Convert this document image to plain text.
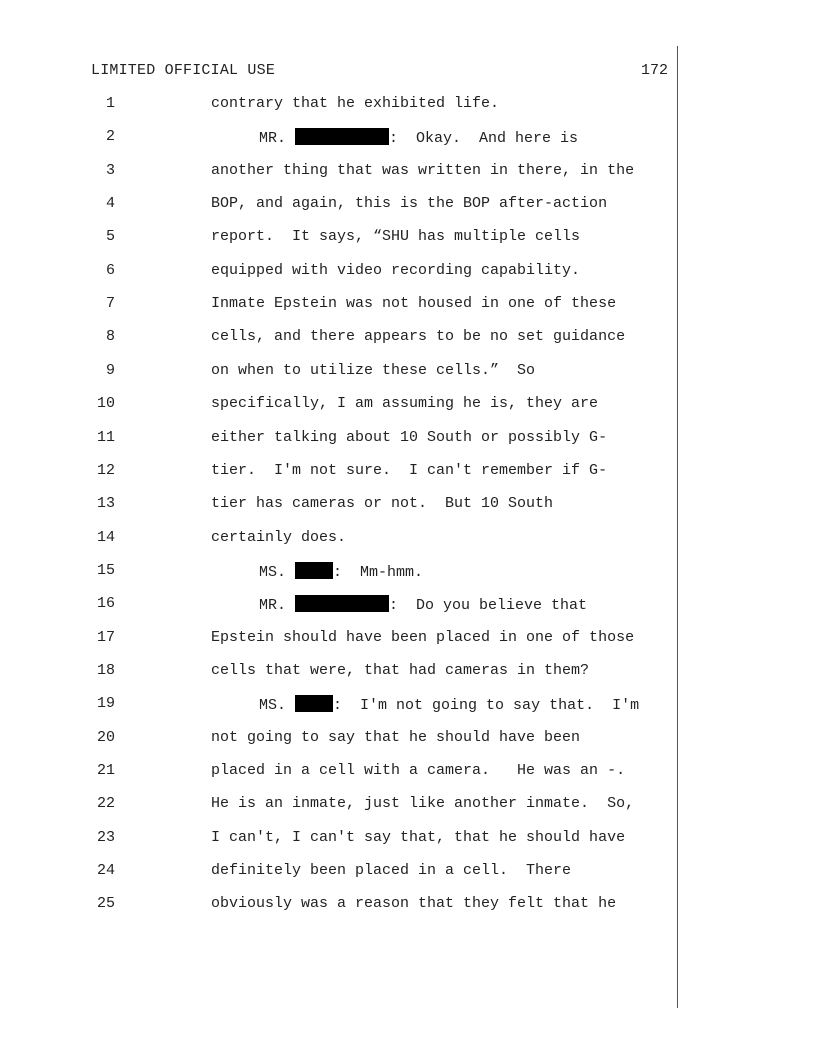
LIMITED OFFICIAL USE	172
1	contrary that he exhibited life.
2	MR.	:  Okay.  And here is
3	another thing that was written in there, in the
4	BOP, and again, this is the BOP after-action
5	report.  It says, “SHU has multiple cells
6	equipped with video recording capability.
7	Inmate Epstein was not housed in one of these
8	cells, and there appears to be no set guidance
9	on when to utilize these cells.”  So
10	specifically, I am assuming he is, they are
11	either talking about 10 South or possibly G-
12	tier.  I'm not sure.  I can't remember if G-
13	tier has cameras or not.  But 10 South
14	certainly does.
15	MS.	:  Mm-hmm.
16	MR.	:  Do you believe that
17	Epstein should have been placed in one of those
18	cells that were, that had cameras in them?
19	MS.	:  I'm not going to say that.  I'm
20	not going to say that he should have been
21	placed in a cell with a camera.   He was an -.
22	He is an inmate, just like another inmate.  So,
23	I can't, I can't say that, that he should have
24	definitely been placed in a cell.  There
25	obviously was a reason that they felt that he
